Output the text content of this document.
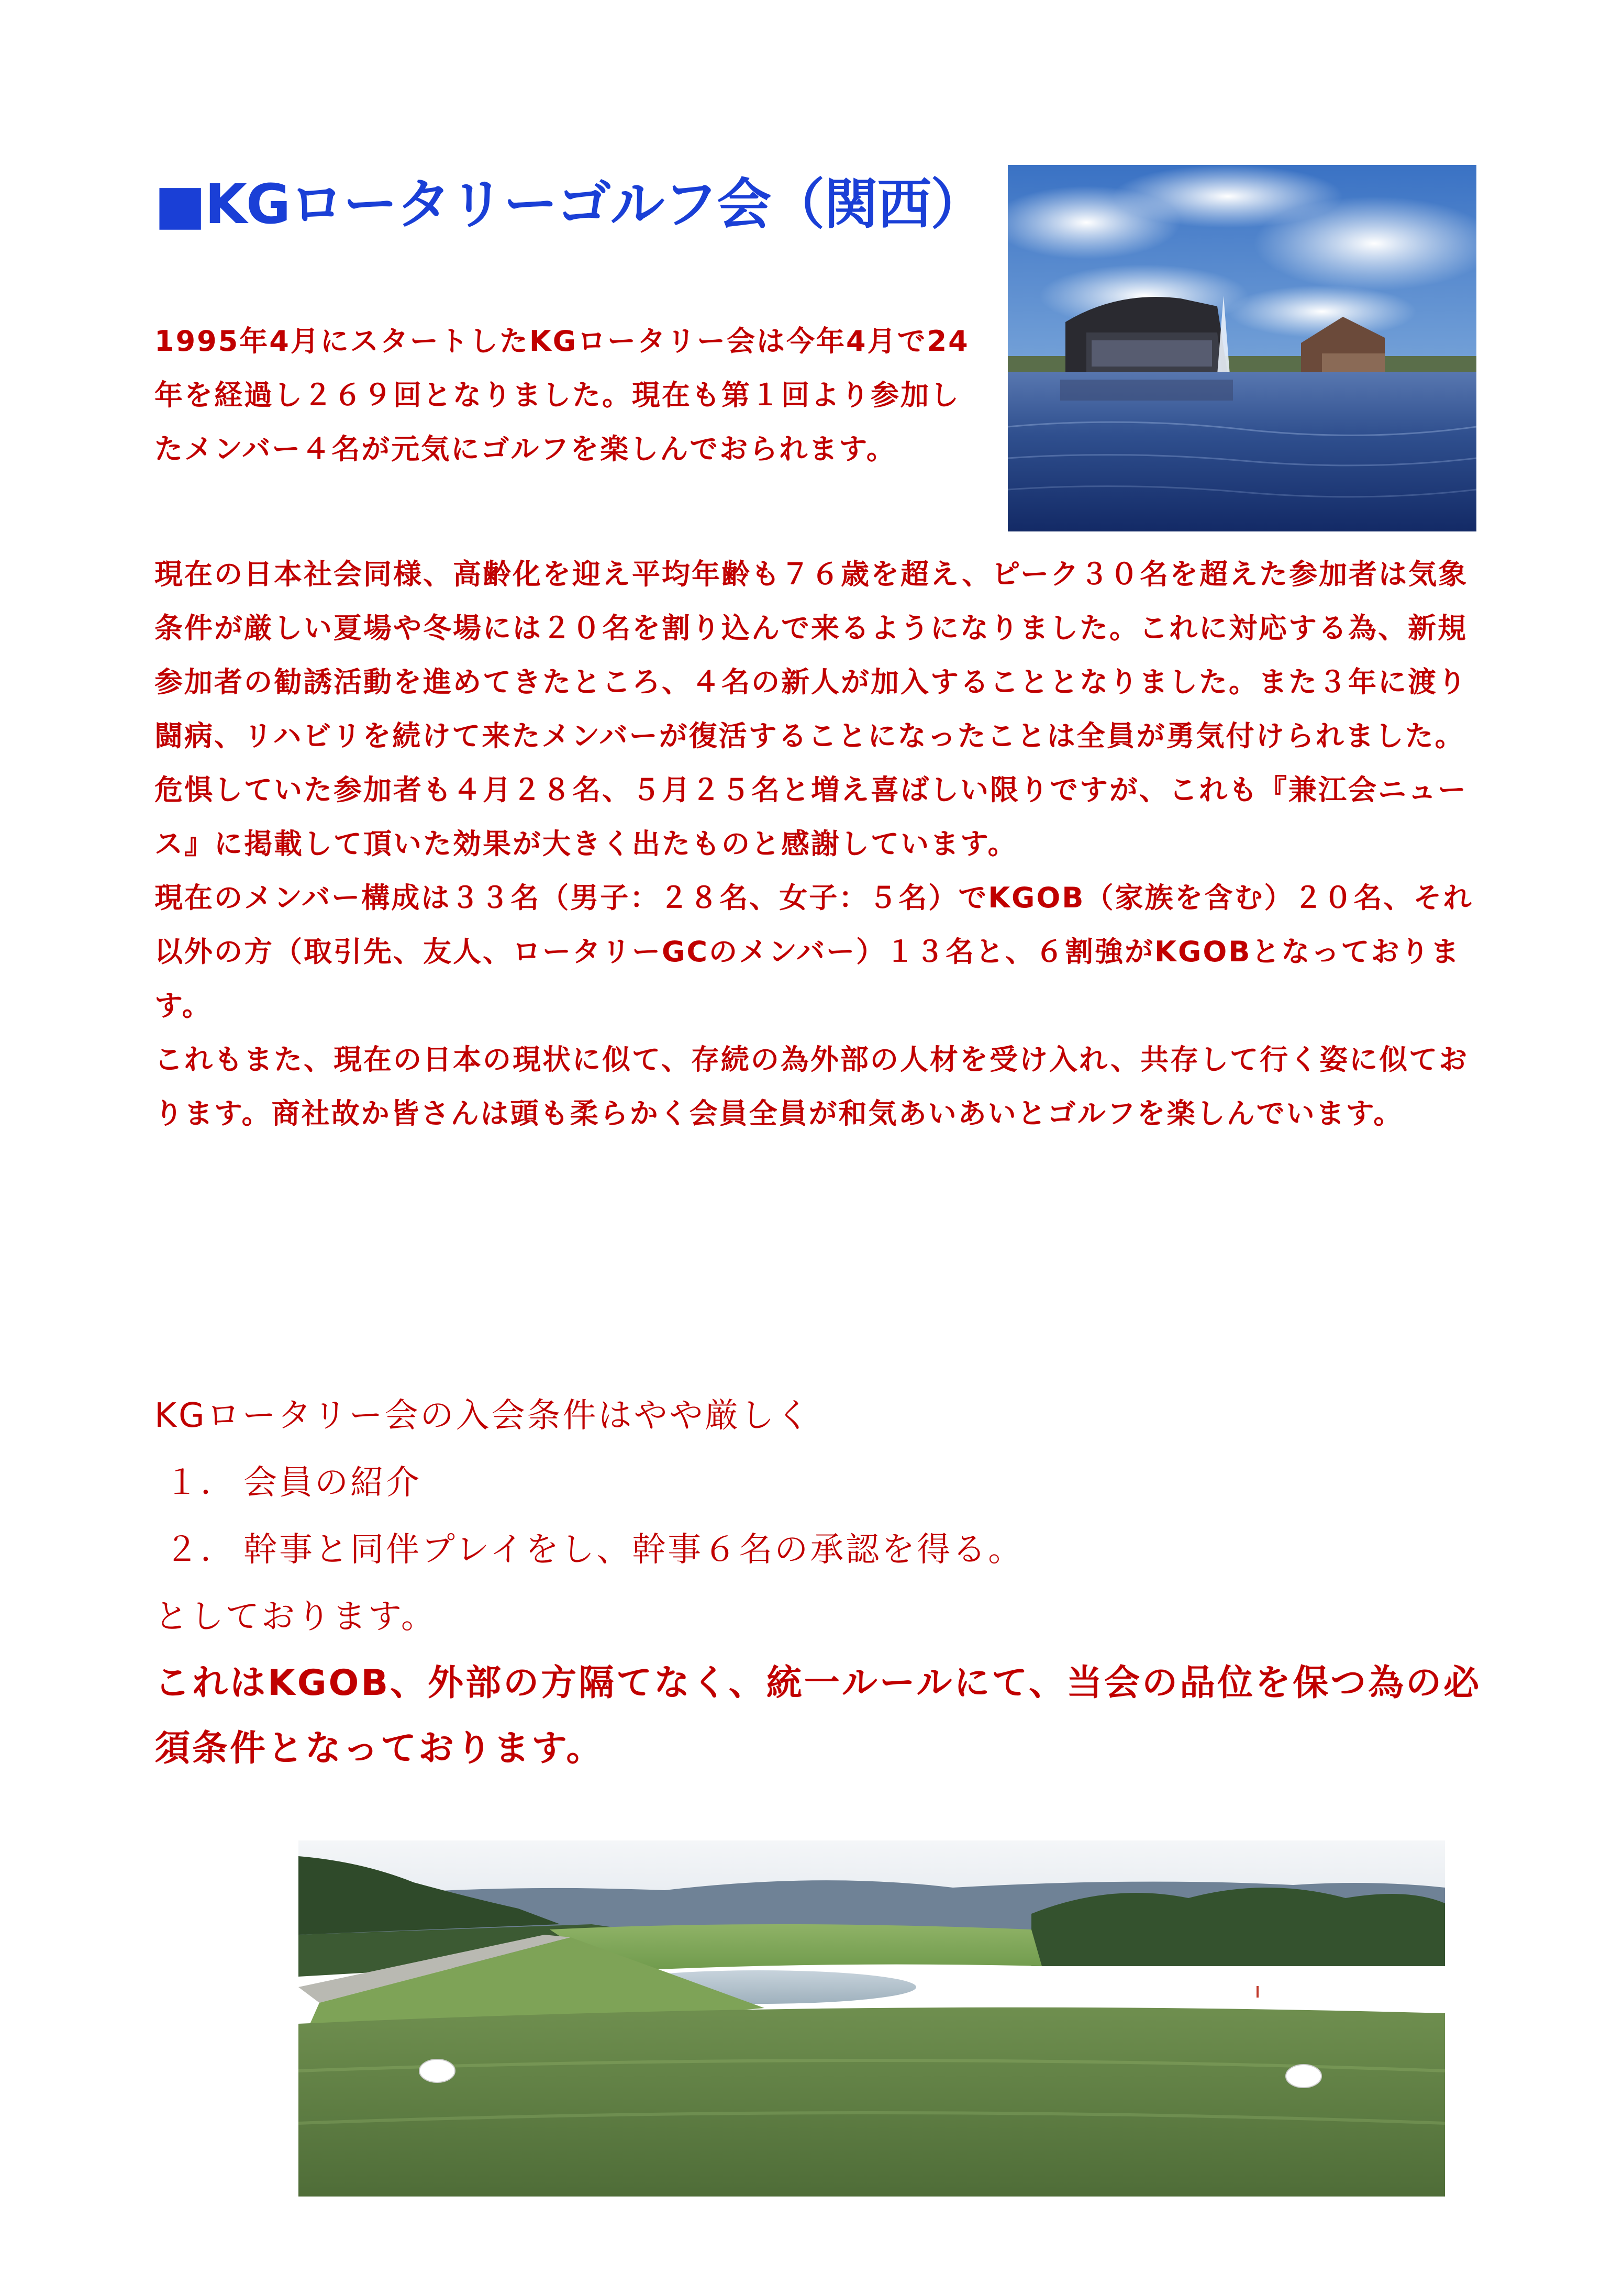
■KGロータリーゴルフ会（関西）

1995年4月にスタートしたKGロータリー会は今年4月で24年を経過し２６９回となりました。現在も第１回より参加したメンバー４名が元気にゴルフを楽しんでおられます。

現在の日本社会同様、高齢化を迎え平均年齢も７６歳を超え、ピーク３０名を超えた参加者は気象条件が厳しい夏場や冬場には２０名を割り込んで来るようになりました。これに対応する為、新規参加者の勧誘活動を進めてきたところ、４名の新人が加入することとなりました。また３年に渡り闘病、リハビリを続けて来たメンバーが復活することになったことは全員が勇気付けられました。

危惧していた参加者も４月２８名、５月２５名と増え喜ばしい限りですが、これも『兼江会ニュース』に掲載して頂いた効果が大きく出たものと感謝しています。

現在のメンバー構成は３３名（男子：２８名、女子：５名）でKGOB（家族を含む）２０名、それ以外の方（取引先、友人、ロータリーGCのメンバー）１３名と、６割強がKGOBとなっております。

これもまた、現在の日本の現状に似て、存続の為外部の人材を受け入れ、共存して行く姿に似ております。商社故か皆さんは頭も柔らかく会員全員が和気あいあいとゴルフを楽しんでいます。

KGロータリー会の入会条件はやや厳しく

１． 会員の紹介

２． 幹事と同伴プレイをし、幹事６名の承認を得る。

としております。

これはKGOB、外部の方隔てなく、統一ルールにて、当会の品位を保つ為の必須条件となっております。
